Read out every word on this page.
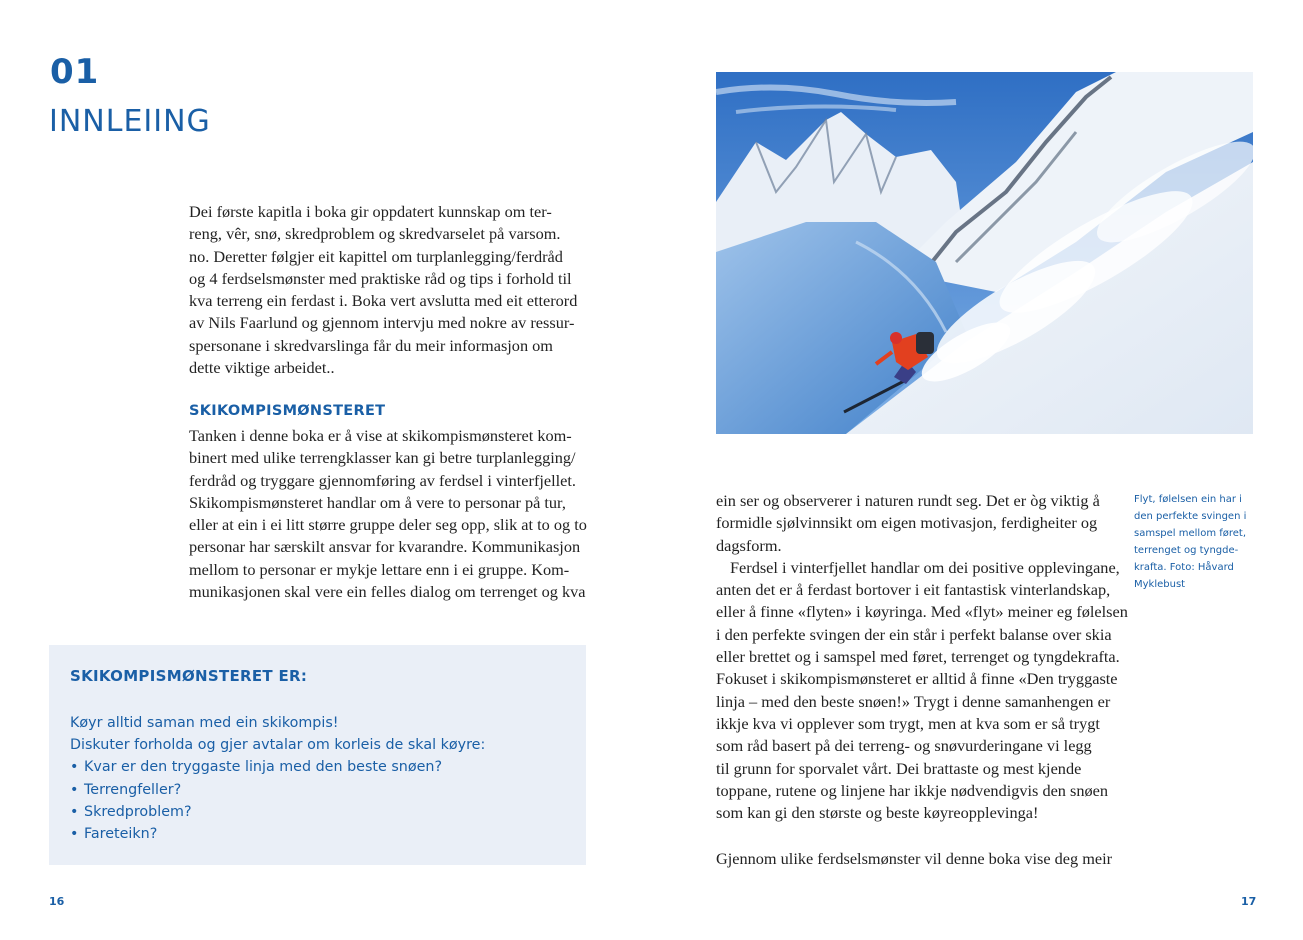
01
INNLEIING
Dei første kapitla i boka gir oppdatert kunnskap om ter-
reng, vêr, snø, skredproblem og skredvarselet på varsom.
no. Deretter følgjer eit kapittel om turplanlegging/ferdråd
og 4 ferdselsmønster med praktiske råd og tips i forhold til
kva terreng ein ferdast i. Boka vert avslutta med eit etterord
av Nils Faarlund og gjennom intervju med nokre av ressur-
spersonane i skredvarslinga får du meir informasjon om
dette viktige arbeidet..
SKIKOMPISMØNSTERET
Tanken i denne boka er å vise at skikompismønsteret kom-
binert med ulike terrengklasser kan gi betre turplanlegging/
ferdråd og tryggare gjennomføring av ferdsel i vinterfjellet.
Skikompismønsteret handlar om å vere to personar på tur,
eller at ein i ei litt større gruppe deler seg opp, slik at to og to
personar har særskilt ansvar for kvarandre. Kommunikasjon
mellom to personar er mykje lettare enn i ei gruppe. Kom-
munikasjonen skal vere ein felles dialog om terrenget og kva
SKIKOMPISMØNSTERET ER:
Køyr alltid saman med ein skikompis!
Diskuter forholda og gjer avtalar om korleis de skal køyre:
• Kvar er den tryggaste linja med den beste snøen?
• Terrengfeller?
• Skredproblem?
• Fareteikn?
16
ein ser og observerer i naturen rundt seg. Det er òg viktig å
formidle sjølvinnsikt om eigen motivasjon, ferdigheiter og
dagsform.
Ferdsel i vinterfjellet handlar om dei positive opplevingane,
anten det er å ferdast bortover i eit fantastisk vinterlandskap,
eller å finne «flyten» i køyringa. Med «flyt» meiner eg følelsen
i den perfekte svingen der ein står i perfekt balanse over skia
eller brettet og i samspel med føret, terrenget og tyngdekrafta.
Fokuset i skikompismønsteret er alltid å finne «Den tryggaste
linja – med den beste snøen!» Trygt i denne samanhengen er
ikkje kva vi opplever som trygt, men at kva som er så trygt
som råd basert på dei terreng- og snøvurderingane vi legg
til grunn for sporvalet vårt. Dei brattaste og mest kjende
toppane, rutene og linjene har ikkje nødvendigvis den snøen
som kan gi den største og beste køyreopplevinga!
Gjennom ulike ferdselsmønster vil denne boka vise deg meir
Flyt, følelsen ein har i
den perfekte svingen i
samspel mellom føret,
terrenget og tyngde-
krafta. Foto: Håvard
Myklebust
17
